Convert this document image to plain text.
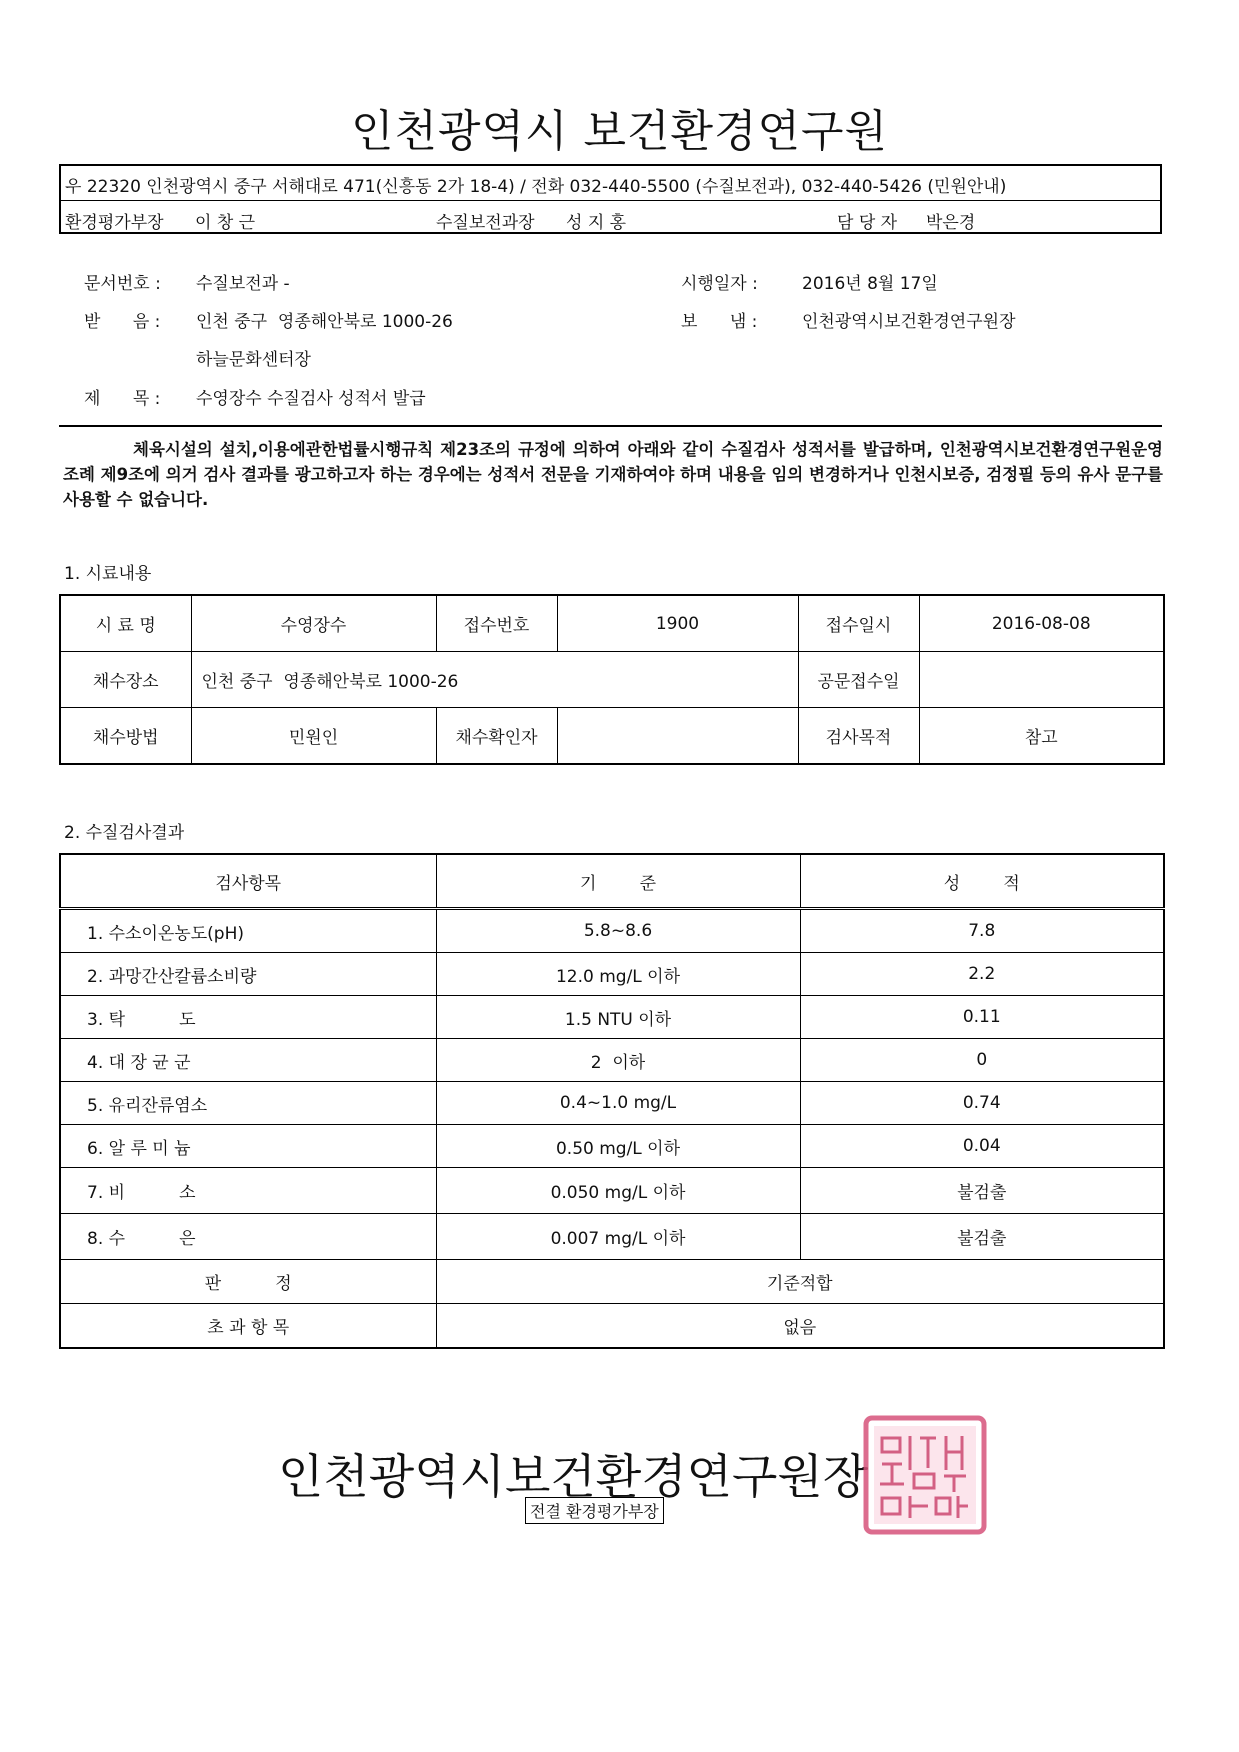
인천광역시 보건환경연구원
우 22320 인천광역시 중구 서해대로 471(신흥동 2가 18-4) / 전화 032-440-5500 (수질보전과), 032-440-5426 (민원안내)
환경평가부장 이 창 근	수질보전과장 성 지 홍	담 당 자 박은경
문서번호 : 수질보전과 -	시행일자 :	2016년 8월 17일
받      음 : 인천 중구  영종해안북로 1000-26	보      냄 :	인천광역시보건환경연구원장
하늘문화센터장
제      목 : 수영장수 수질검사 성적서 발급
체육시설의 설치,이용에관한법률시행규칙 제23조의 규정에 의하여 아래와 같이 수질검사 성적서를 발급하며, 인천광역시보건환경연구원운영조례 제9조에 의거 검사 결과를 광고하고자 하는 경우에는 성적서 전문을 기재하여야 하며 내용을 임의 변경하거나 인천시보증, 검정필 등의 유사 문구를 사용할 수 없습니다.
1. 시료내용
시 료 명	수영장수	접수번호	1900	접수일시	2016-08-08
채수장소	인천 중구  영종해안북로 1000-26			공문접수일	
채수방법	민원인	채수확인자		검사목적	참고
2. 수질검사결과
검사항목	기        준	성        적
1. 수소이온농도(pH)	5.8~8.6	7.8
2. 과망간산칼륨소비량	12.0 mg/L 이하	2.2
3. 탁          도	1.5 NTU 이하	0.11
4. 대 장 균 군	2  이하	0
5. 유리잔류염소	0.4~1.0 mg/L	0.74
6. 알 루 미 늄	0.50 mg/L 이하	0.04
7. 비          소	0.050 mg/L 이하	불검출
8. 수          은	0.007 mg/L 이하	불검출
판          정	기준적합	
초 과 항 목	없음	
인천광역시보건환경연구원장
전결 환경평가부장
